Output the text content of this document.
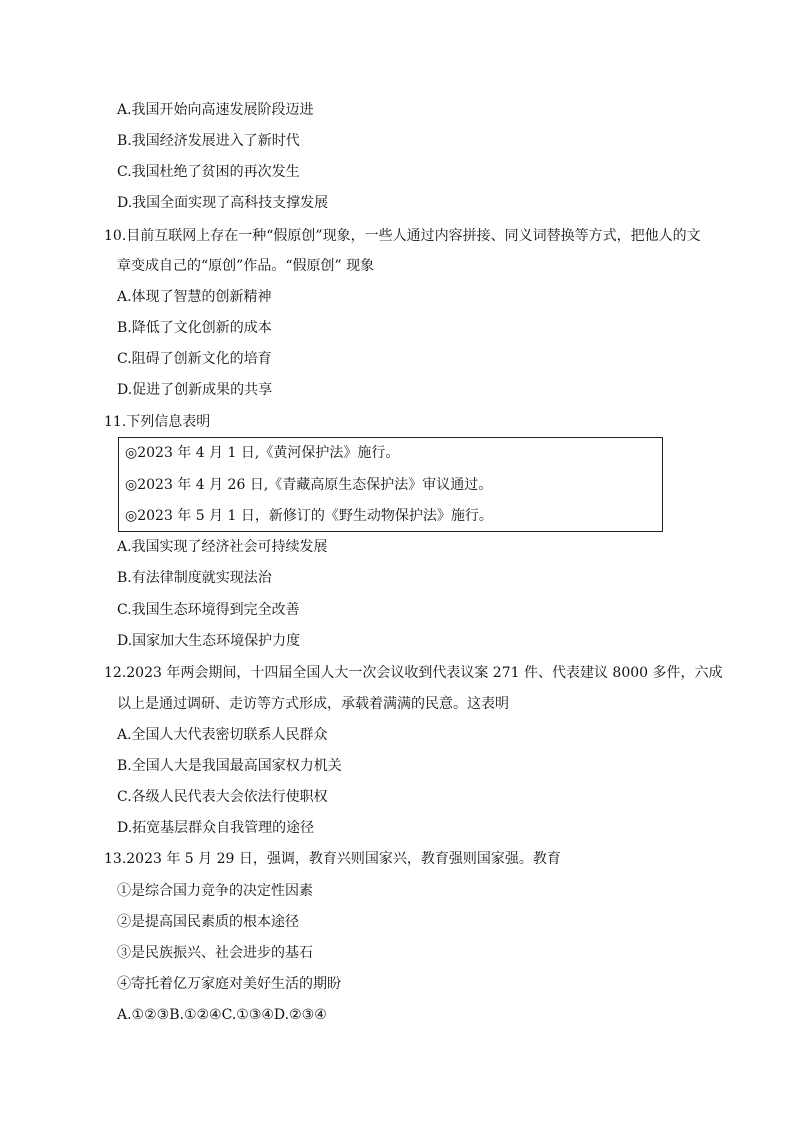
A.我国开始向高速发展阶段迈进
B.我国经济发展进入了新时代
C.我国杜绝了贫困的再次发生
D.我国全面实现了高科技支撑发展
10.目前互联网上存在一种“假原创”现象，一些人通过内容拼接、同义词替换等方式，把他人的文
章变成自己的“原创”作品。“假原创” 现象
A.体现了智慧的创新精神
B.降低了文化创新的成本
C.阻碍了创新文化的培育
D.促进了创新成果的共享
11.下列信息表明
◎2023 年 4 月 1 日,《黄河保护法》施行。
◎2023 年 4 月 26 日,《青藏高原生态保护法》审议通过。
◎2023 年 5 月 1 日，新修订的《野生动物保护法》施行。
A.我国实现了经济社会可持续发展
B.有法律制度就实现法治
C.我国生态环境得到完全改善
D.国家加大生态环境保护力度
12.2023 年两会期间，十四届全国人大一次会议收到代表议案 271 件、代表建议 8000 多件，六成
以上是通过调研、走访等方式形成，承载着满满的民意。这表明
A.全国人大代表密切联系人民群众
B.全国人大是我国最高国家权力机关
C.各级人民代表大会依法行使职权
D.拓宽基层群众自我管理的途径
13.2023 年 5 月 29 日，强调，教育兴则国家兴，教育强则国家强。教育
①是综合国力竞争的决定性因素
②是提高国民素质的根本途径
③是民族振兴、社会进步的基石
④寄托着亿万家庭对美好生活的期盼
A.①②③B.①②④C.①③④D.②③④
